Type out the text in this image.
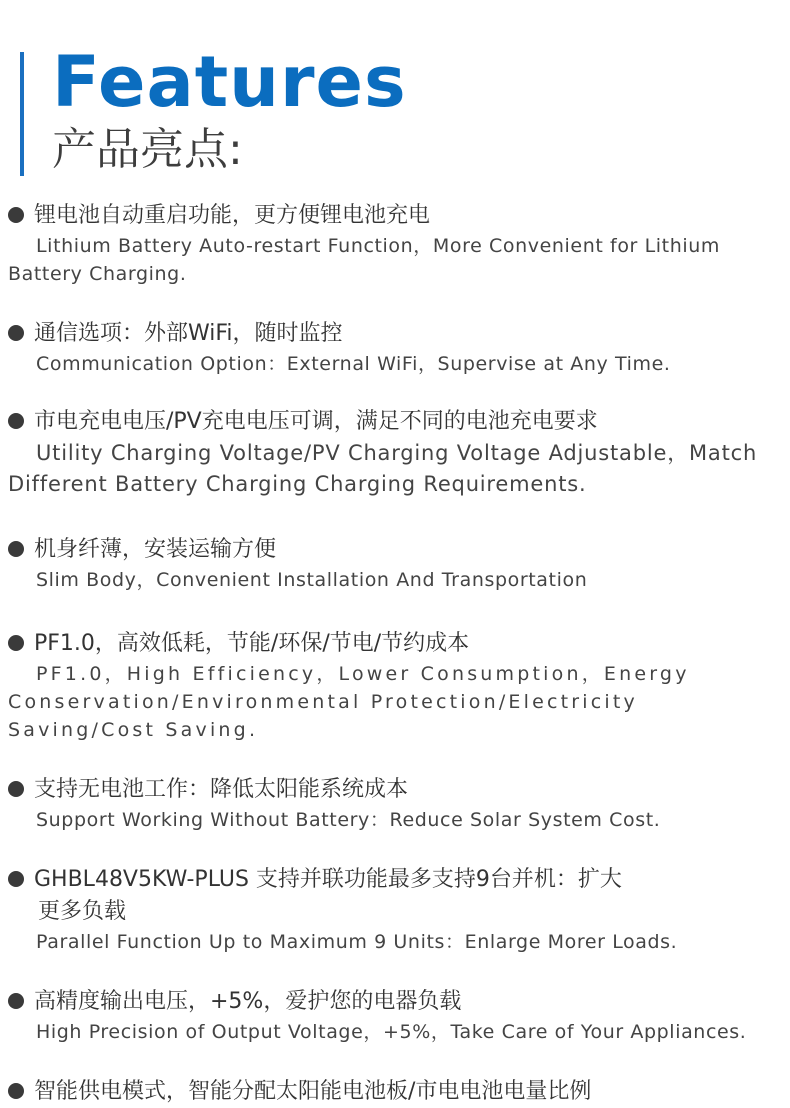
Features
产品亮点:
锂电池自动重启功能，更方便锂电池充电
Lithium Battery Auto-restart Function，More Convenient for Lithium Battery Charging.
通信选项：外部WiFi，随时监控
Communication Option：External WiFi，Supervise at Any Time.
市电充电电压/PV充电电压可调，满足不同的电池充电要求
Utility Charging Voltage/PV Charging Voltage Adjustable，Match Different Battery Charging Charging Requirements.
机身纤薄，安装运输方便
Slim Body，Convenient Installation And Transportation
PF1.0，高效低耗，节能/环保/节电/节约成本
PF1.0，High Efficiency，Lower Consumption，Energy Conservation/Environmental Protection/Electricity Saving/Cost Saving.
支持无电池工作：降低太阳能系统成本
Support Working Without Battery：Reduce Solar System Cost.
GHBL48V5KW-PLUS 支持并联功能最多支持9台并机：扩大
更多负载
Parallel Function Up to Maximum 9 Units：Enlarge Morer Loads.
高精度输出电压，+5%，爱护您的电器负载
High Precision of Output Voltage，+5%，Take Care of Your Appliances.
智能供电模式，智能分配太阳能电池板/市电电池电量比例
